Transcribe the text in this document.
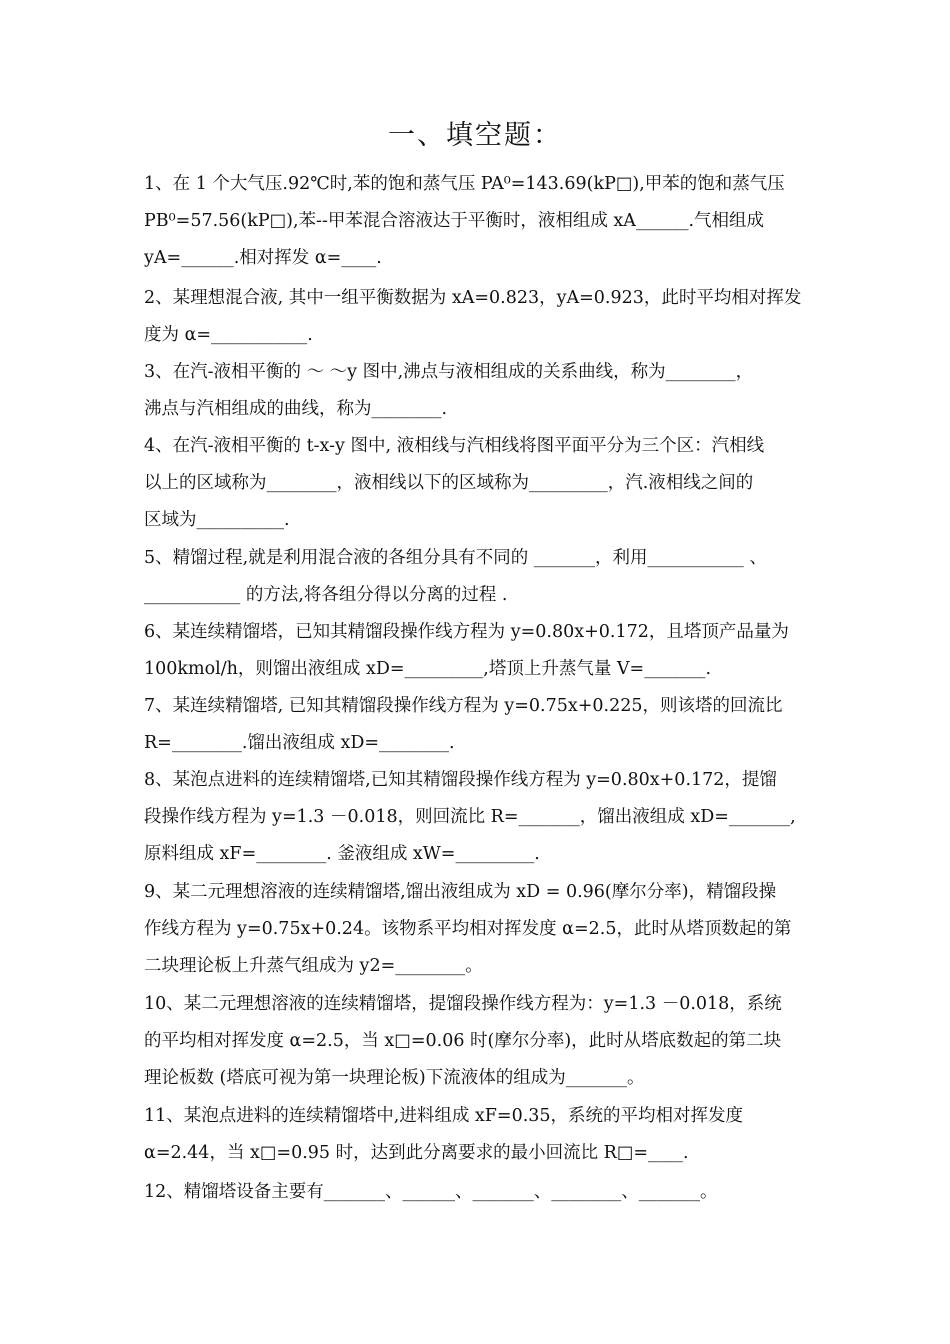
一、填空题：
1、在 1 个大气压.92℃时,苯的饱和蒸气压 PA⁰=143.69(kP□),甲苯的饱和蒸气压
PB⁰=57.56(kP□),苯--甲苯混合溶液达于平衡时，液相组成 xA______.气相组成
yA=______.相对挥发 α=____.
2、某理想混合液, 其中一组平衡数据为 xA=0.823，yA=0.923，此时平均相对挥发
度为 α=___________.
3、在汽-液相平衡的 ～ ～y 图中,沸点与液相组成的关系曲线，称为________，
沸点与汽相组成的曲线，称为________.
4、在汽-液相平衡的 t-x-y 图中, 液相线与汽相线将图平面平分为三个区：汽相线
以上的区域称为________，液相线以下的区域称为_________，汽.液相线之间的
区域为__________.
5、精馏过程,就是利用混合液的各组分具有不同的 _______，利用___________ 、
___________ 的方法,将各组分得以分离的过程 .
6、某连续精馏塔，已知其精馏段操作线方程为 y=0.80x+0.172，且塔顶产品量为
100kmol/h，则馏出液组成 xD=_________,塔顶上升蒸气量 V=_______.
7、某连续精馏塔, 已知其精馏段操作线方程为 y=0.75x+0.225，则该塔的回流比
R=________.馏出液组成 xD=________.
8、某泡点进料的连续精馏塔,已知其精馏段操作线方程为 y=0.80x+0.172，提馏
段操作线方程为 y=1.3 －0.018，则回流比 R=_______，馏出液组成 xD=_______,
原料组成 xF=________. 釜液组成 xW=_________.
9、某二元理想溶液的连续精馏塔,馏出液组成为 xD = 0.96(摩尔分率)，精馏段操
作线方程为 y=0.75x+0.24。该物系平均相对挥发度 α=2.5，此时从塔顶数起的第
二块理论板上升蒸气组成为 y2=________。
10、某二元理想溶液的连续精馏塔，提馏段操作线方程为：y=1.3 －0.018，系统
的平均相对挥发度 α=2.5，当 x□=0.06 时(摩尔分率)，此时从塔底数起的第二块
理论板数 (塔底可视为第一块理论板)下流液体的组成为_______。
11、某泡点进料的连续精馏塔中,进料组成 xF=0.35，系统的平均相对挥发度
α=2.44，当 x□=0.95 时，达到此分离要求的最小回流比 R□=____.
12、精馏塔设备主要有_______、______、_______、________、_______。
